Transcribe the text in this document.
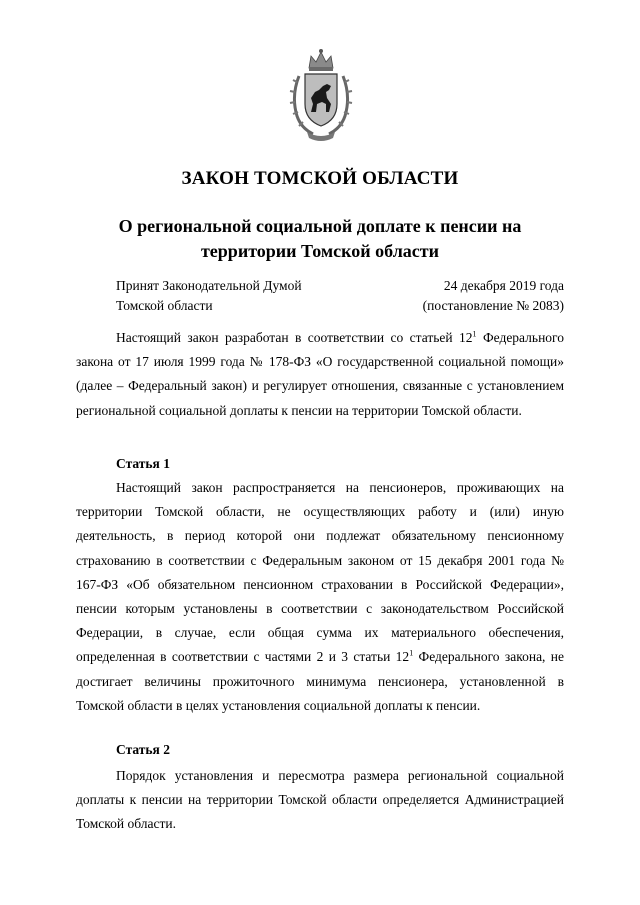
ЗАКОН ТОМСКОЙ ОБЛАСТИ
О региональной социальной доплате к пенсии на
территории Томской области
Принят Законодательной Думой
Томской области
24 декабря 2019 года
(постановление № 2083)

Настоящий закон разработан в соответствии со статьей $12^1$ Федерального закона от 17 июля 1999 года № 178-ФЗ «О государственной социальной помощи» (далее – Федеральный закон) и регулирует отношения, связанные с установлением региональной социальной доплаты к пенсии на территории Томской области.

Статья 1

Настоящий закон распространяется на пенсионеров, проживающих на территории Томской области, не осуществляющих работу и (или) иную деятельность, в период которой они подлежат обязательному пенсионному страхованию в соответствии с Федеральным законом от 15 декабря 2001 года № 167-ФЗ «Об обязательном пенсионном страховании в Российской Федерации», пенсии которым установлены в соответствии с законодательством Российской Федерации, в случае, если общая сумма их материального обеспечения, определенная в соответствии с частями 2 и 3 статьи $12^1$ Федерального закона, не достигает величины прожиточного минимума пенсионера, установленной в Томской области в целях установления социальной доплаты к пенсии.

Статья 2

Порядок установления и пересмотра размера региональной социальной доплаты к пенсии на территории Томской области определяется Администрацией Томской области.
